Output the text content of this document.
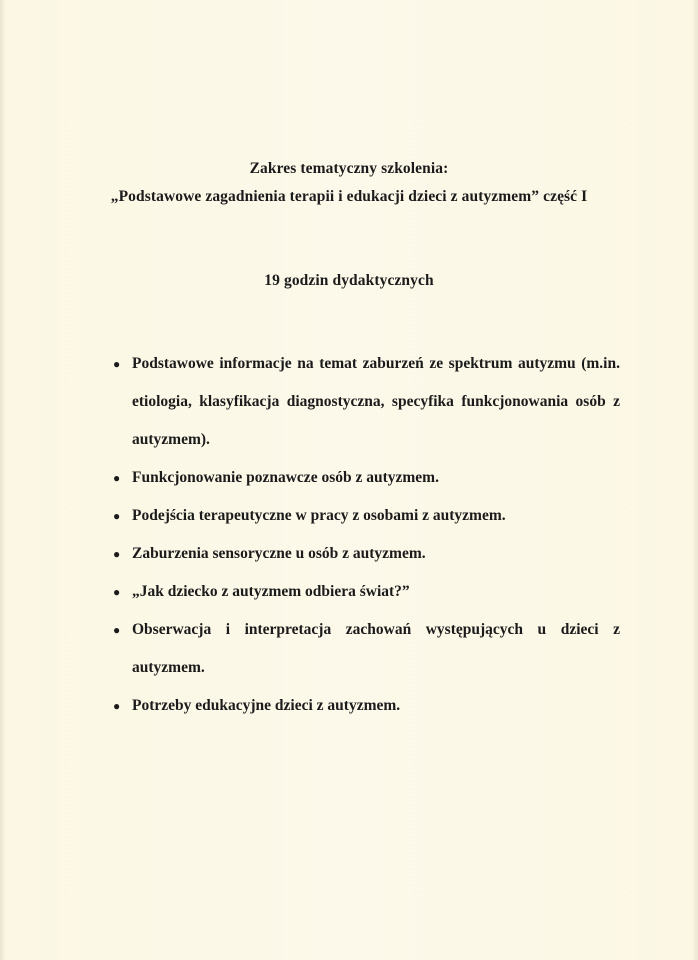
Zakres tematyczny szkolenia:

„Podstawowe zagadnienia terapii i edukacji dzieci z autyzmem” część I

19 godzin dydaktycznych

● Podstawowe informacje na temat zaburzeń ze spektrum autyzmu (m.in. etiologia, klasyfikacja diagnostyczna, specyfika funkcjonowania osób z autyzmem).
● Funkcjonowanie poznawcze osób z autyzmem.
● Podejścia terapeutyczne w pracy z osobami z autyzmem.
● Zaburzenia sensoryczne u osób z autyzmem.
● „Jak dziecko z autyzmem odbiera świat?”
● Obserwacja i interpretacja zachowań występujących u dzieci z autyzmem.
● Potrzeby edukacyjne dzieci z autyzmem.
